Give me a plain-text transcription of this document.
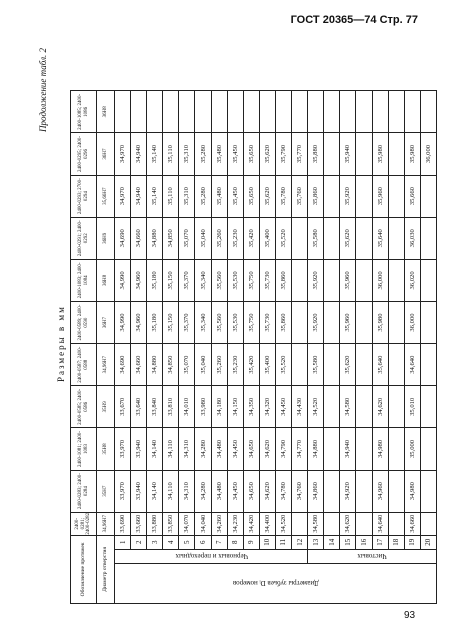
ГОСТ 20365—74 Стр. 77
Продолжение табл. 2
Размеры в мм
Обозначение протяжек			2400-0281; 2400-0282	2400-0283; 2400-0284	2400-1081; 2400-1083	2400-0585; 2400-0586	2400-0587; 2400-0588	2400-0589; 2400-0590	2400-1083; 2400-1084	2400-0291; 2400-0292	2400-0293; 2700-0294	2400-0295; 2400-0296	2400-1085; 2400-1086
Диаметр отверстия			34,96H7	35H7	35H8	35H9	34,96H7	36H7	36H8	36H9	35,66H7	36H7	36H8
Диаметры зубьев Dᵢ номеров	Черновых и переходных	1	33,690	33,970	33,970	33,670	34,690	34,990	34,990	34,690	34,970	34,970	
		2	33,660	33,940	33,940	33,640	34,660	34,960	34,960	34,660	34,940	34,940	
		3	33,880	34,140	34,140	33,840	34,880	35,180	35,180	34,880	35,140	35,140	
		4	33,850	34,110	34,110	33,810	34,850	35,150	35,150	34,850	35,110	35,110	
		5	34,070	34,310	34,310	34,010	35,070	35,370	35,370	35,070	35,310	35,310	
		6	34,040	34,280	34,280	33,980	35,040	35,340	35,340	35,040	35,280	35,280	
		7	34,260	34,480	34,480	34,180	35,260	35,560	35,560	35,260	35,480	35,480	
		8	34,230	34,450	34,450	34,150	35,230	35,530	35,530	35,230	35,450	35,450	
		9	34,420	34,650	34,650	34,350	35,420	35,750	35,750	35,420	35,650	35,650	
		10	34,400	34,620	34,620	34,320	35,400	35,730	35,730	35,400	35,620	35,620	
		11	34,520	34,780	34,790	34,450	35,520	35,860	35,860	35,520	35,780	35,790	
		12		34,760	34,770	34,430					35,760	35,770	
	Чистовых	13	34,580	34,860	34,880	34,520	35,580	35,920	35,920	35,580	35,860	35,880	
		14											
		15	34,620	34,920	34,940	34,580	35,620	35,960	35,960	35,620	35,920	35,940	
		16											
		17	34,640	34,960	34,980	34,620	35,640	35,980	36,000	35,640	35,960	35,980	
		18											
		19	34,660	34,980	35,000	35,010	34,640	36,000	36,020	36,030	35,660	35,980	
		20										36,000	
93
